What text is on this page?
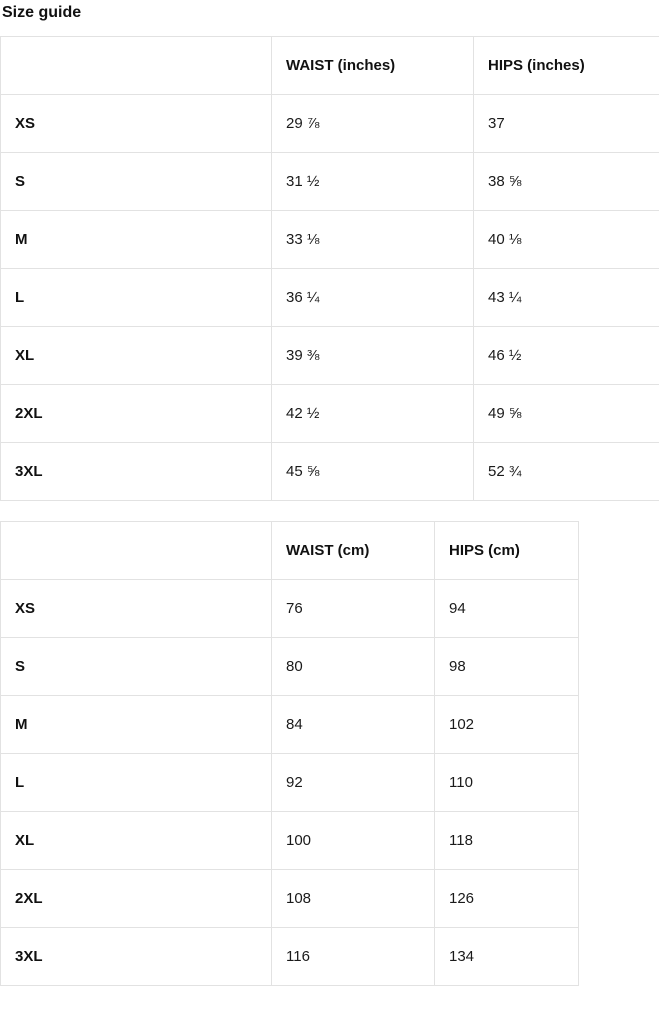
Size guide
	WAIST (inches)	HIPS (inches)
XS	29 ⅞	37
S	31 ½	38 ⅝
M	33 ⅛	40 ⅛
L	36 ¼	43 ¼
XL	39 ⅜	46 ½
2XL	42 ½	49 ⅝
3XL	45 ⅝	52 ¾
	WAIST (cm)	HIPS (cm)
XS	76	94
S	80	98
M	84	102
L	92	110
XL	100	118
2XL	108	126
3XL	116	134
